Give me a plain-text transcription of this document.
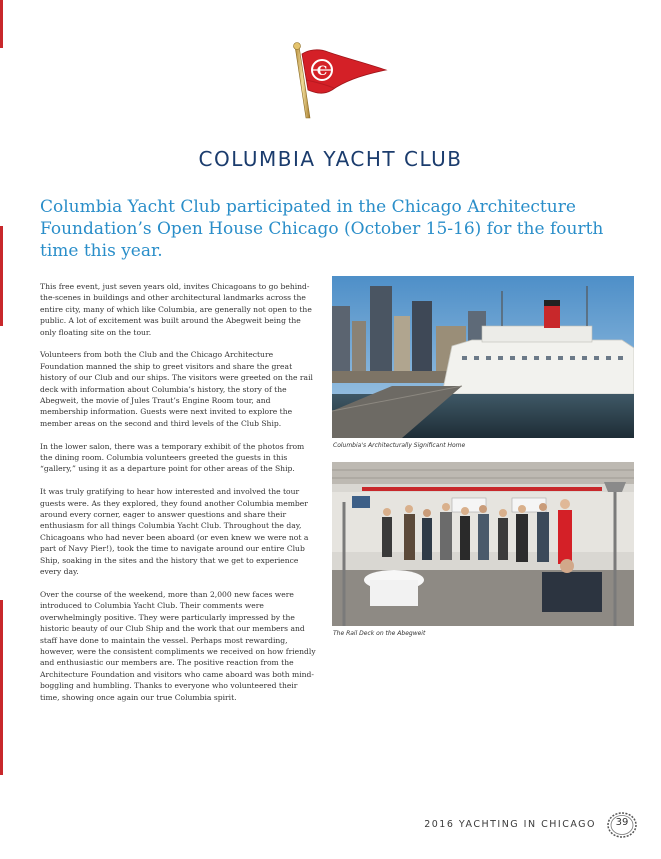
C
COLUMBIA YACHT CLUB
Columbia Yacht Club participated in the Chicago Architecture Foundation’s Open House Chicago (October 15-16) for the fourth time this year.

This free event, just seven years old, invites Chicagoans to go behind-the-scenes in buildings and other architectural landmarks across the entire city, many of which like Columbia, are generally not open to the public. A lot of excitement was built around the Abegweit being the only floating site on the tour.

Volunteers from both the Club and the Chicago Architecture Foundation manned the ship to greet visitors and share the great history of our Club and our ships. The visitors were greeted on the rail deck with information about Columbia’s history, the story of the Abegweit, the movie of Jules Traut’s Engine Room tour, and membership information. Guests were next invited to explore the member areas on the second and third levels of the Club Ship.

In the lower salon, there was a temporary exhibit of the photos from the dining room. Columbia volunteers greeted the guests in this “gallery,” using it as a departure point for other areas of the Ship.

It was truly gratifying to hear how interested and involved the tour guests were. As they explored, they found another Columbia member around every corner, eager to answer questions and share their enthusiasm for all things Columbia Yacht Club. Throughout the day, Chicagoans who had never been aboard (or even knew we were not a part of Navy Pier!), took the time to navigate around our entire Club Ship, soaking in the sites and the history that we get to experience every day.

Over the course of the weekend, more than 2,000 new faces were introduced to Columbia Yacht Club. Their comments were overwhelmingly positive. They were particularly impressed by the historic beauty of our Club Ship and the work that our members and staff have done to maintain the vessel. Perhaps most rewarding, however, were the consistent compliments we received on how friendly and enthusiastic our members are. The positive reaction from the Architecture Foundation and visitors who came aboard was both mind-boggling and humbling. Thanks to everyone who volunteered their time, showing once again our true Columbia spirit.

Columbia's Architecturally Significant Home
The Rail Deck on the Abegweit
2016 YACHTING IN CHICAGO	39
